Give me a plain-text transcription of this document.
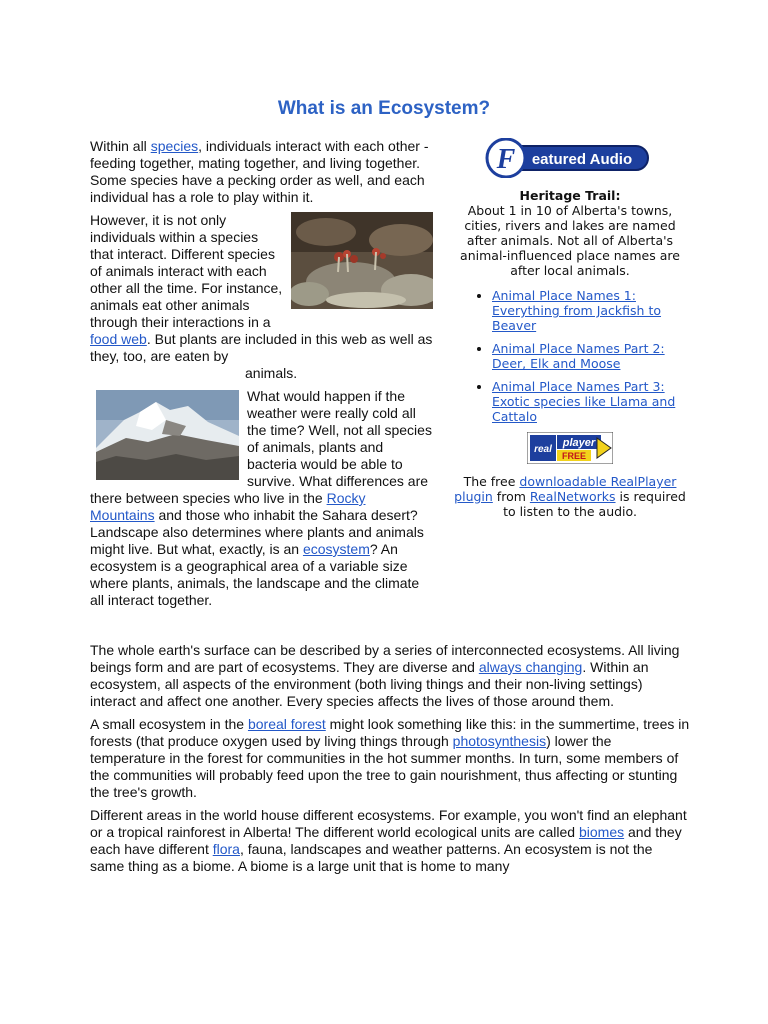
What is an Ecosystem?

Within all species, individuals interact with each other - feeding together, mating together, and living together. Some species have a pecking order as well, and each individual has a role to play within it.

However, it is not only individuals within a species that interact. Different species of animals interact with each other all the time. For instance, animals eat other animals through their interactions in a food web. But plants are included in this web as well as they, too, are eaten by
animals.

What would happen if the weather were really cold all the time? Well, not all species of animals, plants and bacteria would be able to survive. What differences are there between species who live in the Rocky Mountains and those who inhabit the Sahara desert? Landscape also determines where plants and animals might live. But what, exactly, is an ecosystem? An ecosystem is a geographical area of a variable size where plants, animals, the landscape and the climate all interact together.

F eatured Audio
Heritage Trail:
About 1 in 10 of Alberta's towns, cities, rivers and lakes are named after animals. Not all of Alberta's animal-influenced place names are after local animals.
• Animal Place Names 1: Everything from Jackfish to Beaver
• Animal Place Names Part 2: Deer, Elk and Moose
• Animal Place Names Part 3: Exotic species like Llama and Cattalo
real
player
FREE
The free downloadable RealPlayer plugin from RealNetworks is required to listen to the audio.

The whole earth's surface can be described by a series of interconnected ecosystems. All living beings form and are part of ecosystems. They are diverse and always changing. Within an ecosystem, all aspects of the environment (both living things and their non-living settings) interact and affect one another. Every species affects the lives of those around them.

A small ecosystem in the boreal forest might look something like this: in the summertime, trees in forests (that produce oxygen used by living things through photosynthesis) lower the temperature in the forest for communities in the hot summer months. In turn, some members of the communities will probably feed upon the tree to gain nourishment, thus affecting or stunting the tree's growth.

Different areas in the world house different ecosystems. For example, you won't find an elephant or a tropical rainforest in Alberta! The different world ecological units are called biomes and they each have different flora, fauna, landscapes and weather patterns. An ecosystem is not the same thing as a biome. A biome is a large unit that is home to many
